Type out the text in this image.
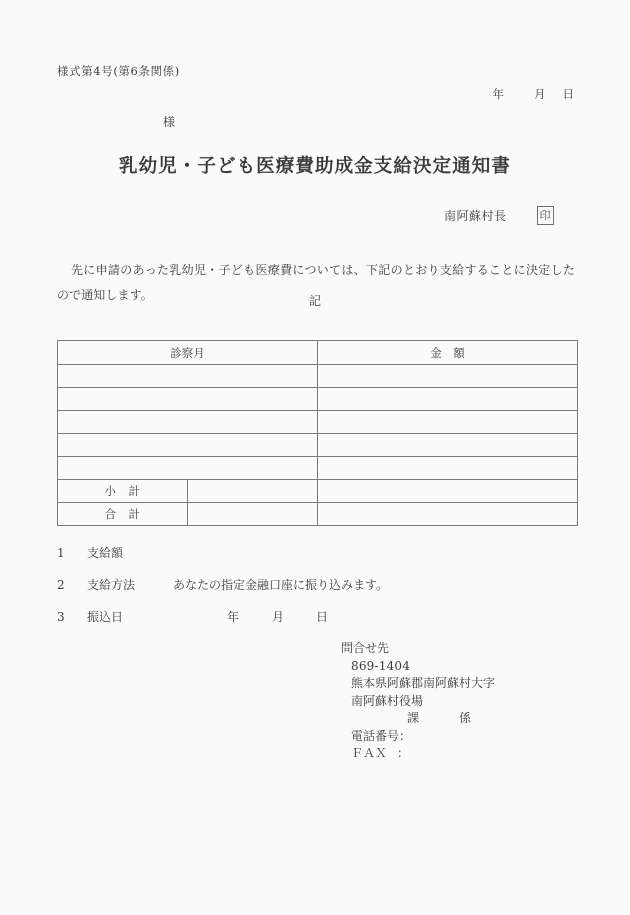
様式第4号(第6条関係)
年	月 日
様
乳幼児・子ども医療費助成金支給決定通知書
南阿蘇村長	印
先に申請のあった乳幼児・子ども医療費については、下記のとおり支給することに決定したので通知します。	記
診察月		金　額

小　計		
合　計		
1	支給額
2	支給方法	あなたの指定金融口座に振り込みます。
3	振込日	年	月	日
問合せ先
869-1404
熊本県阿蘇郡南阿蘇村大字
南阿蘇村役場
課	係
電話番号：
ＦＡＸ ：
